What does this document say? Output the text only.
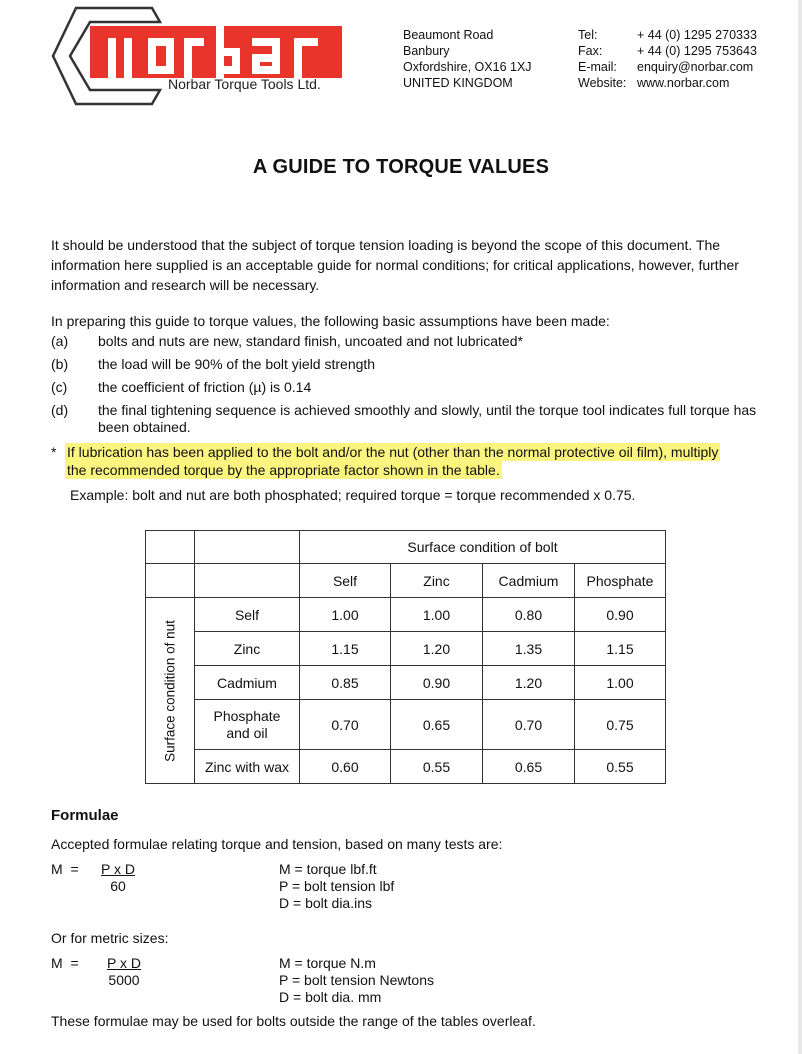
Norbar Torque Tools Ltd.
Beaumont Road
Banbury
Oxfordshire, OX16 1XJ
UNITED KINGDOM
Tel:	+ 44 (0) 1295 270333
Fax:	+ 44 (0) 1295 753643
E-mail:	enquiry@norbar.com
Website: www.norbar.com
A GUIDE TO TORQUE VALUES
It should be understood that the subject of torque tension loading is beyond the scope of this document. The information here supplied is an acceptable guide for normal conditions; for critical applications, however, further information and research will be necessary.
In preparing this guide to torque values, the following basic assumptions have been made:
(a) bolts and nuts are new, standard finish, uncoated and not lubricated*
(b) the load will be 90% of the bolt yield strength
(c) the coefficient of friction (µ) is 0.14
(d) the final tightening sequence is achieved smoothly and slowly, until the torque tool indicates full torque has been obtained.
* If lubrication has been applied to the bolt and/or the nut (other than the normal protective oil film), multiply
the recommended torque by the appropriate factor shown in the table.
Example: bolt and nut are both phosphated; required torque = torque recommended x 0.75.
		Surface condition of bolt			
		Self	Zinc	Cadmium	Phosphate

Surface condition of nut	Self	1.00	1.00	0.80	0.90
	Zinc	1.15	1.20	1.35	1.15
	Cadmium	0.85	0.90	1.20	1.00

	Phosphate
and oil	0.70	0.65	0.70	0.75
	Zinc with wax	0.60	0.55	0.65	0.55
Formulae
Accepted formulae relating torque and tension, based on many tests are:
M = P x D
60
M = torque lbf.ft
P = bolt tension lbf
D = bolt dia.ins
Or for metric sizes:
M = P x D
5000
M = torque N.m
P = bolt tension Newtons
D = bolt dia. mm
These formulae may be used for bolts outside the range of the tables overleaf.
